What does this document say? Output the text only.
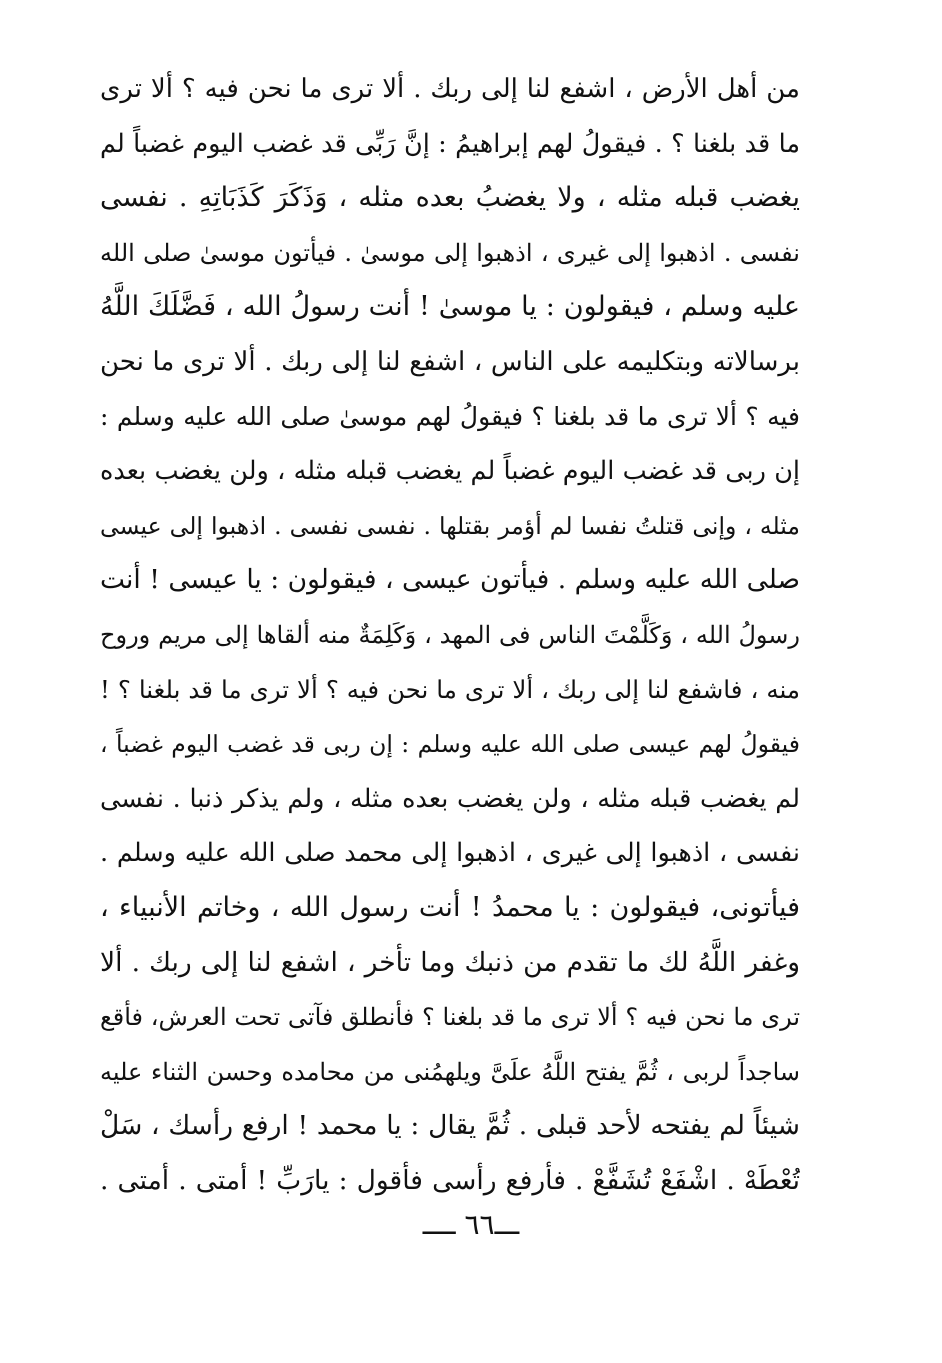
من أهل الأرض ، اشفع لنا إلى ربك . ألا ترى ما نحن فيه ؟ ألا ترى
ما قد بلغنا ؟ . فيقولُ لهم إبراهيمُ : إنَّ رَبِّى قد غضب اليوم غضباً لم
يغضب قبله مثله ، ولا يغضبُ بعده مثله ، وَذَكَرَ كَذَبَاتِهِ . نفسى
نفسى . اذهبوا إلى غيرى ، اذهبوا إلى موسىٰ . فيأتون موسىٰ صلى الله
عليه وسلم ، فيقولون : يا موسىٰ ! أنت رسولُ الله ، فَضَّلَكَ اللَّهُ
برسالاته وبتكليمه على الناس ، اشفع لنا إلى ربك . ألا ترى ما نحن
فيه ؟ ألا ترى ما قد بلغنا ؟ فيقولُ لهم موسىٰ صلى الله عليه وسلم :
إن ربى قد غضب اليوم غضباً لم يغضب قبله مثله ، ولن يغضب بعده
مثله ، وإنى قتلتُ نفسا لم أؤمر بقتلها . نفسى نفسى . اذهبوا إلى عيسى
صلى الله عليه وسلم . فيأتون عيسى ، فيقولون : يا عيسى ! أنت
رسولُ الله ، وَكَلَّمْتَ الناس فى المهد ، وَكَلِمَةٌ منه ألقاها إلى مريم وروح
منه ، فاشفع لنا إلى ربك ، ألا ترى ما نحن فيه ؟ ألا ترى ما قد بلغنا ؟ !
فيقولُ لهم عيسى صلى الله عليه وسلم : إن ربى قد غضب اليوم غضباً ،
لم يغضب قبله مثله ، ولن يغضب بعده مثله ، ولم يذكر ذنبا . نفسى
نفسى ، اذهبوا إلى غيرى ، اذهبوا إلى محمد صلى الله عليه وسلم .
فيأتونى، فيقولون : يا محمدُ ! أنت رسول الله ، وخاتم الأنبياء ،
وغفر اللَّهُ لك ما تقدم من ذنبك وما تأخر ، اشفع لنا إلى ربك . ألا
ترى ما نحن فيه ؟ ألا ترى ما قد بلغنا ؟ فأنطلق فآتى تحت العرش، فأقع
ساجداً لربى ، ثُمَّ يفتح اللَّهُ علَىَّ ويلهمُنى من محامده وحسن الثناء عليه
شيئاً لم يفتحه لأحد قبلى . ثُمَّ يقال : يا محمد ! ارفع رأسك ، سَلْ
تُعْطَهْ . اشْفَعْ تُشَفَّعْ . فأرفع رأسى فأقول : يارَبِّ ! أمتى . أمتى .
ـــ٦٦ ــــ
